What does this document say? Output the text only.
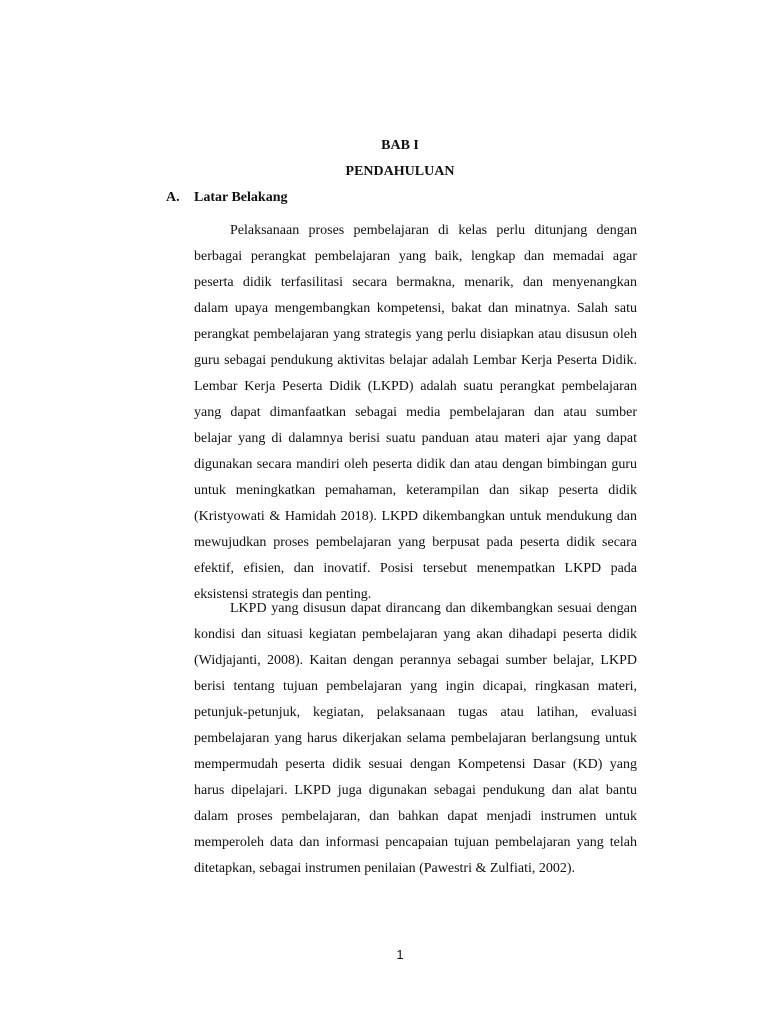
BAB I
PENDAHULUAN
A. Latar Belakang
Pelaksanaan proses pembelajaran di kelas perlu ditunjang dengan
berbagai perangkat pembelajaran yang baik, lengkap dan memadai agar
peserta didik terfasilitasi secara bermakna, menarik, dan menyenangkan
dalam upaya mengembangkan kompetensi, bakat dan minatnya. Salah satu
perangkat pembelajaran yang strategis yang perlu disiapkan atau disusun oleh
guru sebagai pendukung aktivitas belajar adalah Lembar Kerja Peserta Didik.
Lembar Kerja Peserta Didik (LKPD) adalah suatu perangkat pembelajaran
yang dapat dimanfaatkan sebagai media pembelajaran dan atau sumber
belajar yang di dalamnya berisi suatu panduan atau materi ajar yang dapat
digunakan secara mandiri oleh peserta didik dan atau dengan bimbingan guru
untuk meningkatkan pemahaman, keterampilan dan sikap peserta didik
(Kristyowati & Hamidah 2018). LKPD dikembangkan untuk mendukung dan
mewujudkan proses pembelajaran yang berpusat pada peserta didik secara
efektif, efisien, dan inovatif. Posisi tersebut menempatkan LKPD pada
eksistensi strategis dan penting.
LKPD yang disusun dapat dirancang dan dikembangkan sesuai dengan
kondisi dan situasi kegiatan pembelajaran yang akan dihadapi peserta didik
(Widjajanti, 2008). Kaitan dengan perannya sebagai sumber belajar, LKPD
berisi tentang tujuan pembelajaran yang ingin dicapai, ringkasan materi,
petunjuk-petunjuk, kegiatan, pelaksanaan tugas atau latihan, evaluasi
pembelajaran yang harus dikerjakan selama pembelajaran berlangsung untuk
mempermudah peserta didik sesuai dengan Kompetensi Dasar (KD) yang
harus dipelajari. LKPD juga digunakan sebagai pendukung dan alat bantu
dalam proses pembelajaran, dan bahkan dapat menjadi instrumen untuk
memperoleh data dan informasi pencapaian tujuan pembelajaran yang telah
ditetapkan, sebagai instrumen penilaian (Pawestri & Zulfiati, 2002).

1
